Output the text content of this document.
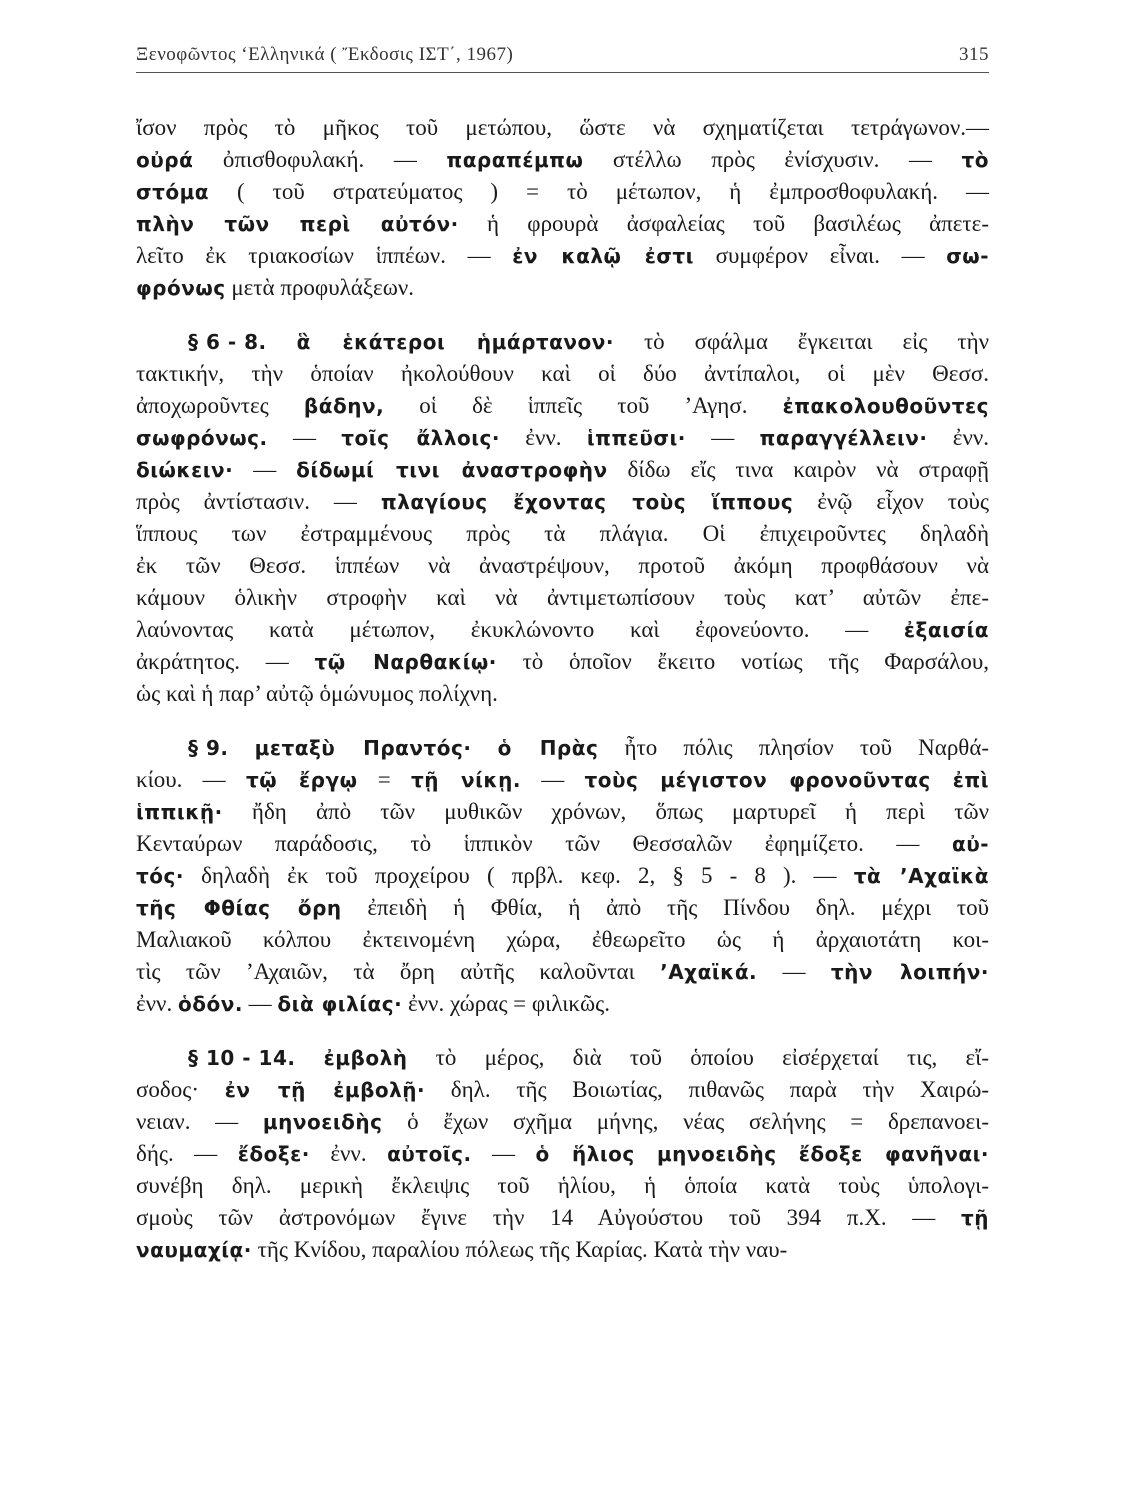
Ξενοφῶντος ‘Ελληνικά ( Ἔκδοσις ΙΣΤ΄, 1967)	315
ἴσον πρὸς τὸ μῆκος τοῦ μετώπου, ὥστε νὰ σχηματίζεται τετράγωνον.—
οὐρά ὀπισθοφυλακή. — παραπέμπω στέλλω πρὸς ἐνίσχυσιν. — τὸ
στόμα ( τοῦ στρατεύματος ) = τὸ μέτωπον, ἡ ἐμπροσθοφυλακή. —
πλὴν τῶν περὶ αὐτόν· ἡ φρουρὰ ἀσφαλείας τοῦ βασιλέως ἀπετε-
λεῖτο ἐκ τριακοσίων ἱππέων. — ἐν καλῷ ἐστι συμφέρον εἶναι. — σω-
φρόνως μετὰ προφυλάξεων.
§ 6 - 8. ἃ ἑκάτεροι ἡμάρτανον· τὸ σφάλμα ἔγκειται εἰς τὴν
τακτικήν, τὴν ὁποίαν ἠκολούθουν καὶ οἱ δύο ἀντίπαλοι, οἱ μὲν Θεσσ.
ἀποχωροῦντες βάδην, οἱ δὲ ἱππεῖς τοῦ ’Αγησ. ἐπακολουθοῦντες
σωφρόνως. — τοῖς ἄλλοις· ἐνν. ἱππεῦσι· — παραγγέλλειν· ἐνν.
διώκειν· — δίδωμί τινι ἀναστροφὴν δίδω εἴς τινα καιρὸν νὰ στραφῇ
πρὸς ἀντίστασιν. — πλαγίους ἔχοντας τοὺς ἵππους ἐνῷ εἶχον τοὺς
ἵππους των ἐστραμμένους πρὸς τὰ πλάγια. Οἱ ἐπιχειροῦντες δηλαδὴ
ἐκ τῶν Θεσσ. ἱππέων νὰ ἀναστρέψουν, προτοῦ ἀκόμη προφθάσουν νὰ
κάμουν ὁλικὴν στροφὴν καὶ νὰ ἀντιμετωπίσουν τοὺς κατ’ αὐτῶν ἐπε-
λαύνοντας κατὰ μέτωπον, ἐκυκλώνοντο καὶ ἐφονεύοντο. — ἐξαισία
ἀκράτητος. — τῷ Ναρθακίῳ· τὸ ὁποῖον ἔκειτο νοτίως τῆς Φαρσάλου,
ὡς καὶ ἡ παρ’ αὐτῷ ὁμώνυμος πολίχνη.
§ 9. μεταξὺ Πραντός· ὁ Πρὰς ἦτο πόλις πλησίον τοῦ Ναρθά-
κίου. — τῷ ἔργῳ = τῇ νίκῃ. — τοὺς μέγιστον φρονοῦντας ἐπὶ
ἱππικῇ· ἤδη ἀπὸ τῶν μυθικῶν χρόνων, ὅπως μαρτυρεῖ ἡ περὶ τῶν
Κενταύρων παράδοσις, τὸ ἱππικὸν τῶν Θεσσαλῶν ἐφημίζετο. — αὐ-
τός· δηλαδὴ ἐκ τοῦ προχείρου ( πρβλ. κεφ. 2, § 5 - 8 ). — τὰ ’Αχαϊκὰ
τῆς Φθίας ὄρη ἐπειδὴ ἡ Φθία, ἡ ἀπὸ τῆς Πίνδου δηλ. μέχρι τοῦ
Μαλιακοῦ κόλπου ἐκτεινομένη χώρα, ἐθεωρεῖτο ὡς ἡ ἀρχαιοτάτη κοι-
τὶς τῶν ’Αχαιῶν, τὰ ὄρη αὐτῆς καλοῦνται ’Αχαϊκά. — τὴν λοιπήν·
ἐνν. ὁδόν. — διὰ φιλίας· ἐνν. χώρας = φιλικῶς.
§ 10 - 14. ἐμβολὴ τὸ μέρος, διὰ τοῦ ὁποίου εἰσέρχεταί τις, εἴ-
σοδος· ἐν τῇ ἐμβολῇ· δηλ. τῆς Βοιωτίας, πιθανῶς παρὰ τὴν Χαιρώ-
νειαν. — μηνοειδὴς ὁ ἔχων σχῆμα μήνης, νέας σελήνης = δρεπανοει-
δής. — ἔδοξε· ἐνν. αὐτοῖς. — ὁ ἥλιος μηνοειδὴς ἔδοξε φανῆναι·
συνέβη δηλ. μερικὴ ἔκλειψις τοῦ ἡλίου, ἡ ὁποία κατὰ τοὺς ὑπολογι-
σμοὺς τῶν ἀστρονόμων ἔγινε τὴν 14 Αὐγούστου τοῦ 394 π.Χ. — τῇ
ναυμαχίᾳ· τῆς Κνίδου, παραλίου πόλεως τῆς Καρίας. Κατὰ τὴν ναυ-
